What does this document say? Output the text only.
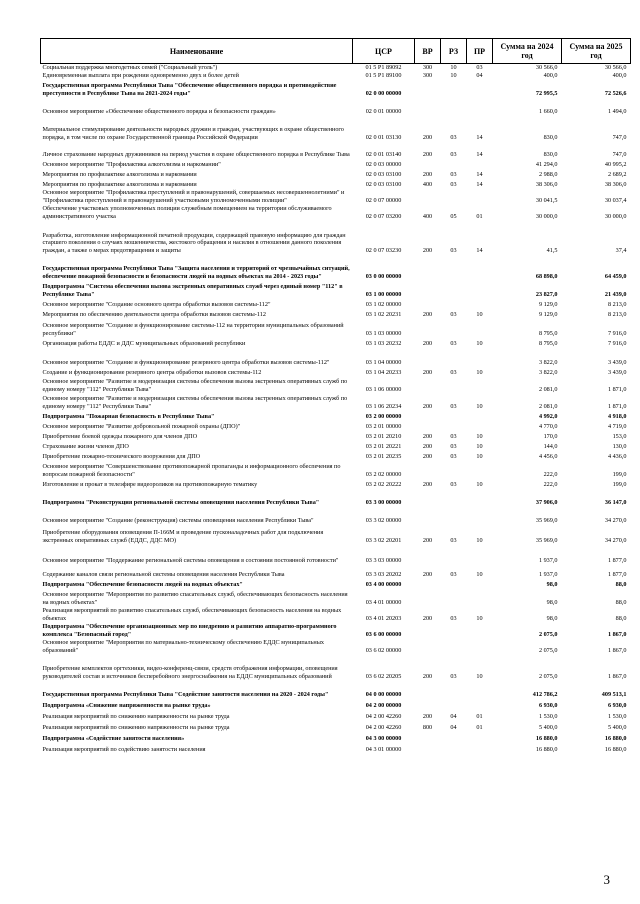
Наименование	ЦСР	ВР	РЗ	ПР	Сумма на 2024 год	Сумма на 2025 год
Социальная поддержка многодетных семей ("Социальный уголь")	01 5 P1 89092	300	10	03	30 566,0	30 566,0
Единовременная выплата при рождении одновременно двух и более детей	01 5 P1 89100	300	10	04	400,0	400,0
Государственная программа Республики Тыва "Обеспечение общественного порядка и противодействие преступности в Республике Тыва на 2021-2024 годы"	02 0 00 00000				72 995,5	72 526,6
Основное мероприятие «Обеспечение общественного порядка и безопасности граждан»	02 0 01 00000				1 660,0	1 494,0
Материальное стимулирование деятельности народных дружин и граждан, участвующих в охране общественного порядка, в том числе по охране Государственной границы Российской Федерации	02 0 01 03130	200	03	14	830,0	747,0
Личное страхование народных дружинников на период участия в охране общественного порядка в Республике Тыва	02 0 01 03140	200	03	14	830,0	747,0
Основное мероприятие "Профилактика алкоголизма и наркомании"	02 0 03 00000				41 294,0	40 995,2
Мероприятия по профилактике алкоголизма и наркомании	02 0 03 03100	200	03	14	2 988,0	2 689,2
Мероприятия по профилактике алкоголизма и наркомании	02 0 03 03100	400	03	14	38 306,0	38 306,0
Основное мероприятие "Профилактика преступлений и правонарушений, совершаемых несовершеннолетними" и "Профилактика преступлений и правонарушений участковыми уполномоченными полиции"	02 0 07 00000				30 041,5	30 037,4
Обеспечение участковых уполномоченных полиции служебным помещением на территории обслуживаемого административного участка	02 0 07 03200	400	05	01	30 000,0	30 000,0
Разработка, изготовление информационной печатной продукции, содержащей правовую информацию для граждан старшего поколения о случаях мошенничества, жестокого обращения и насилия в отношении данного поколения граждан, а также о мерах предотвращения и защиты	02 0 07 03230	200	03	14	41,5	37,4
Государственная программа Республики Тыва "Защита населения и территорий от чрезвычайных ситуаций, обеспечение пожарной безопасности и безопасности людей на водных объектах на 2014 - 2023 годы"	03 0 00 00000				68 898,0	64 459,0
Подпрограмма "Система обеспечения вызова экстренных оперативных служб через единый номер "112" в Республике Тыва"	03 1 00 00000				23 827,0	21 439,0
Основное мероприятие "Создание основного центра обработки вызовов системы-112"	03 1 02 00000				9 129,0	8 213,0
Мероприятия по обеспечению деятельности центра обработки вызовов системы-112	03 1 02 20231	200	03	10	9 129,0	8 213,0
Основное мероприятие "Создание и функционирование системы-112 на территории муниципальных образований республики"	03 1 03 00000				8 795,0	7 916,0
Организация работы ЕДДС и ДДС муниципальных образований республики	03 1 03 20232	200	03	10	8 795,0	7 916,0
Основное мероприятие "Создание и функционирование резервного центра обработки вызовов системы-112"	03 1 04 00000				3 822,0	3 439,0
Создание и функционирование резервного центра обработки вызовов системы-112	03 1 04 20233	200	03	10	3 822,0	3 439,0
Основное мероприятие "Развитие и модернизация системы обеспечения вызова экстренных оперативных служб по единому номеру "112" Республики Тыва"	03 1 06 00000				2 081,0	1 871,0
Основное мероприятие "Развитие и модернизация системы обеспечения вызова экстренных оперативных служб по единому номеру "112" Республики Тыва"	03 1 06 20234	200	03	10	2 081,0	1 871,0
Подпрограмма "Пожарная безопасность в Республике Тыва"	03 2 00 00000				4 992,0	4 918,0
Основное мероприятие "Развитие добровольной пожарной охраны (ДПО)"	03 2 01 00000				4 770,0	4 719,0
Приобретение боевой одежды пожарного для членов ДПО	03 2 01 20210	200	03	10	170,0	153,0
Страхование жизни членов ДПО	03 2 01 20221	200	03	10	144,0	130,0
Приобретение пожарно-технического вооружения для ДПО	03 2 01 20235	200	03	10	4 456,0	4 436,0
Основное мероприятие "Совершенствование противопожарной пропаганды и информационного обеспечения по вопросам пожарной безопасности"	03 2 02 00000				222,0	199,0
Изготовление и прокат в телеэфире видеороликов на противопожарную тематику	03 2 02 20222	200	03	10	222,0	199,0
Подпрограмма "Реконструкция региональной системы оповещения населения Республики Тыва"	03 3 00 00000				37 906,0	36 147,0
Основное мероприятие "Создание (реконструкция) системы оповещения населения Республики Тыва"	03 3 02 00000				35 969,0	34 270,0
Приобретение оборудования оповещения П-166М и проведение пусконаладочных работ для подключения экстренных оперативных служб (ЕДДС, ДДС МО)	03 3 02 20201	200	03	10	35 969,0	34 270,0
Основное мероприятие "Поддержание региональной системы оповещения в состоянии постоянной готовности"	03 3 03 00000				1 937,0	1 877,0
Содержание каналов связи региональной системы оповещения населения Республики Тыва	03 3 03 20202	200	03	10	1 937,0	1 877,0
Подпрограмма "Обеспечение безопасности людей на водных объектах"	03 4 00 00000				98,0	88,0
Основное мероприятие "Мероприятия по развитию спасательных служб, обеспечивающих безопасность населения на водных объектах"	03 4 01 00000				98,0	88,0
Реализация мероприятий по развитию спасательных служб, обеспечивающих безопасность населения на водных объектах	03 4 01 20203	200	03	10	98,0	88,0
Подпрограмма "Обеспечение организационных мер по внедрению и развитию аппаратно-программного комплекса "Безопасный город"	03 6 00 00000				2 075,0	1 867,0
Основное мероприятие "Мероприятия по материально-техническому обеспечению ЕДДС муниципальных образований"	03 6 02 00000				2 075,0	1 867,0
Приобретение комплектов оргтехники, видео-конференц-связи, средств отображения информации, оповещения руководителей состав и источников бесперебойного энергоснабжения на ЕДДС муниципальных образований	03 6 02 20205	200	03	10	2 075,0	1 867,0
Государственная программа Республики Тыва "Содействие занятости населения на 2020 - 2024 годы"	04 0 00 00000				412 786,2	409 513,1
Подпрограмма «Снижение напряженности на рынке труда»	04 2 00 00000				6 930,0	6 930,0
Реализация мероприятий по снижению напряженности на рынке труда	04 2 00 42260	200	04	01	1 530,0	1 530,0
Реализация мероприятий по снижению напряженности на рынке труда	04 2 00 42260	800	04	01	5 400,0	5 400,0
Подпрограмма «Содействие занятости населения»	04 3 00 00000				16 880,0	16 880,0
Реализация мероприятий по содействию занятости населения	04 3 01 00000				16 880,0	16 880,0
3
